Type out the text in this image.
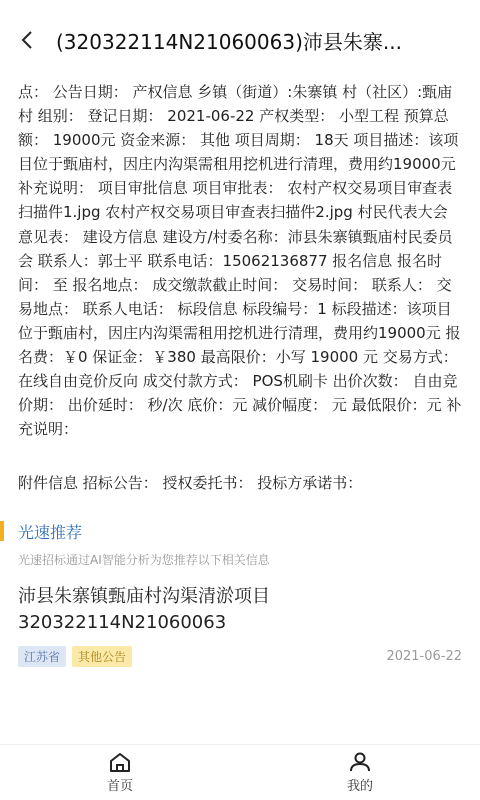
(320322114N21060063)沛县朱寨...
点： 公告日期： 产权信息 乡镇（街道）:朱寨镇 村（社区）:甄庙村 组别： 登记日期： 2021-06-22 产权类型： 小型工程 预算总额： 19000元 资金来源： 其他 项目周期： 18天 项目描述：该项目位于甄庙村，因庄内沟渠需租用挖机进行清理，费用约19000元 补充说明： 项目审批信息 项目审批表： 农村产权交易项目审查表扫描件1.jpg 农村产权交易项目审查表扫描件2.jpg 村民代表大会意见表： 建设方信息 建设方/村委名称：沛县朱寨镇甄庙村民委员会 联系人：郭士平 联系电话：15062136877 报名信息 报名时间： 至 报名地点： 成交缴款截止时间： 交易时间： 联系人： 交易地点： 联系人电话： 标段信息 标段编号：1 标段描述：该项目位于甄庙村，因庄内沟渠需租用挖机进行清理，费用约19000元 报名费：￥0 保证金：￥380 最高限价：小写 19000 元 交易方式： 在线自由竞价反向 成交付款方式： POS机刷卡 出价次数： 自由竞价期： 出价延时： 秒/次 底价：元 减价幅度： 元 最低限价：元 补充说明：
附件信息 招标公告： 授权委托书： 投标方承诺书：
光速推荐
光速招标通过AI智能分析为您推荐以下相关信息
沛县朱寨镇甄庙村沟渠清淤项目320322114N21060063
江苏省	其他公告	2021-06-22
首页	我的
